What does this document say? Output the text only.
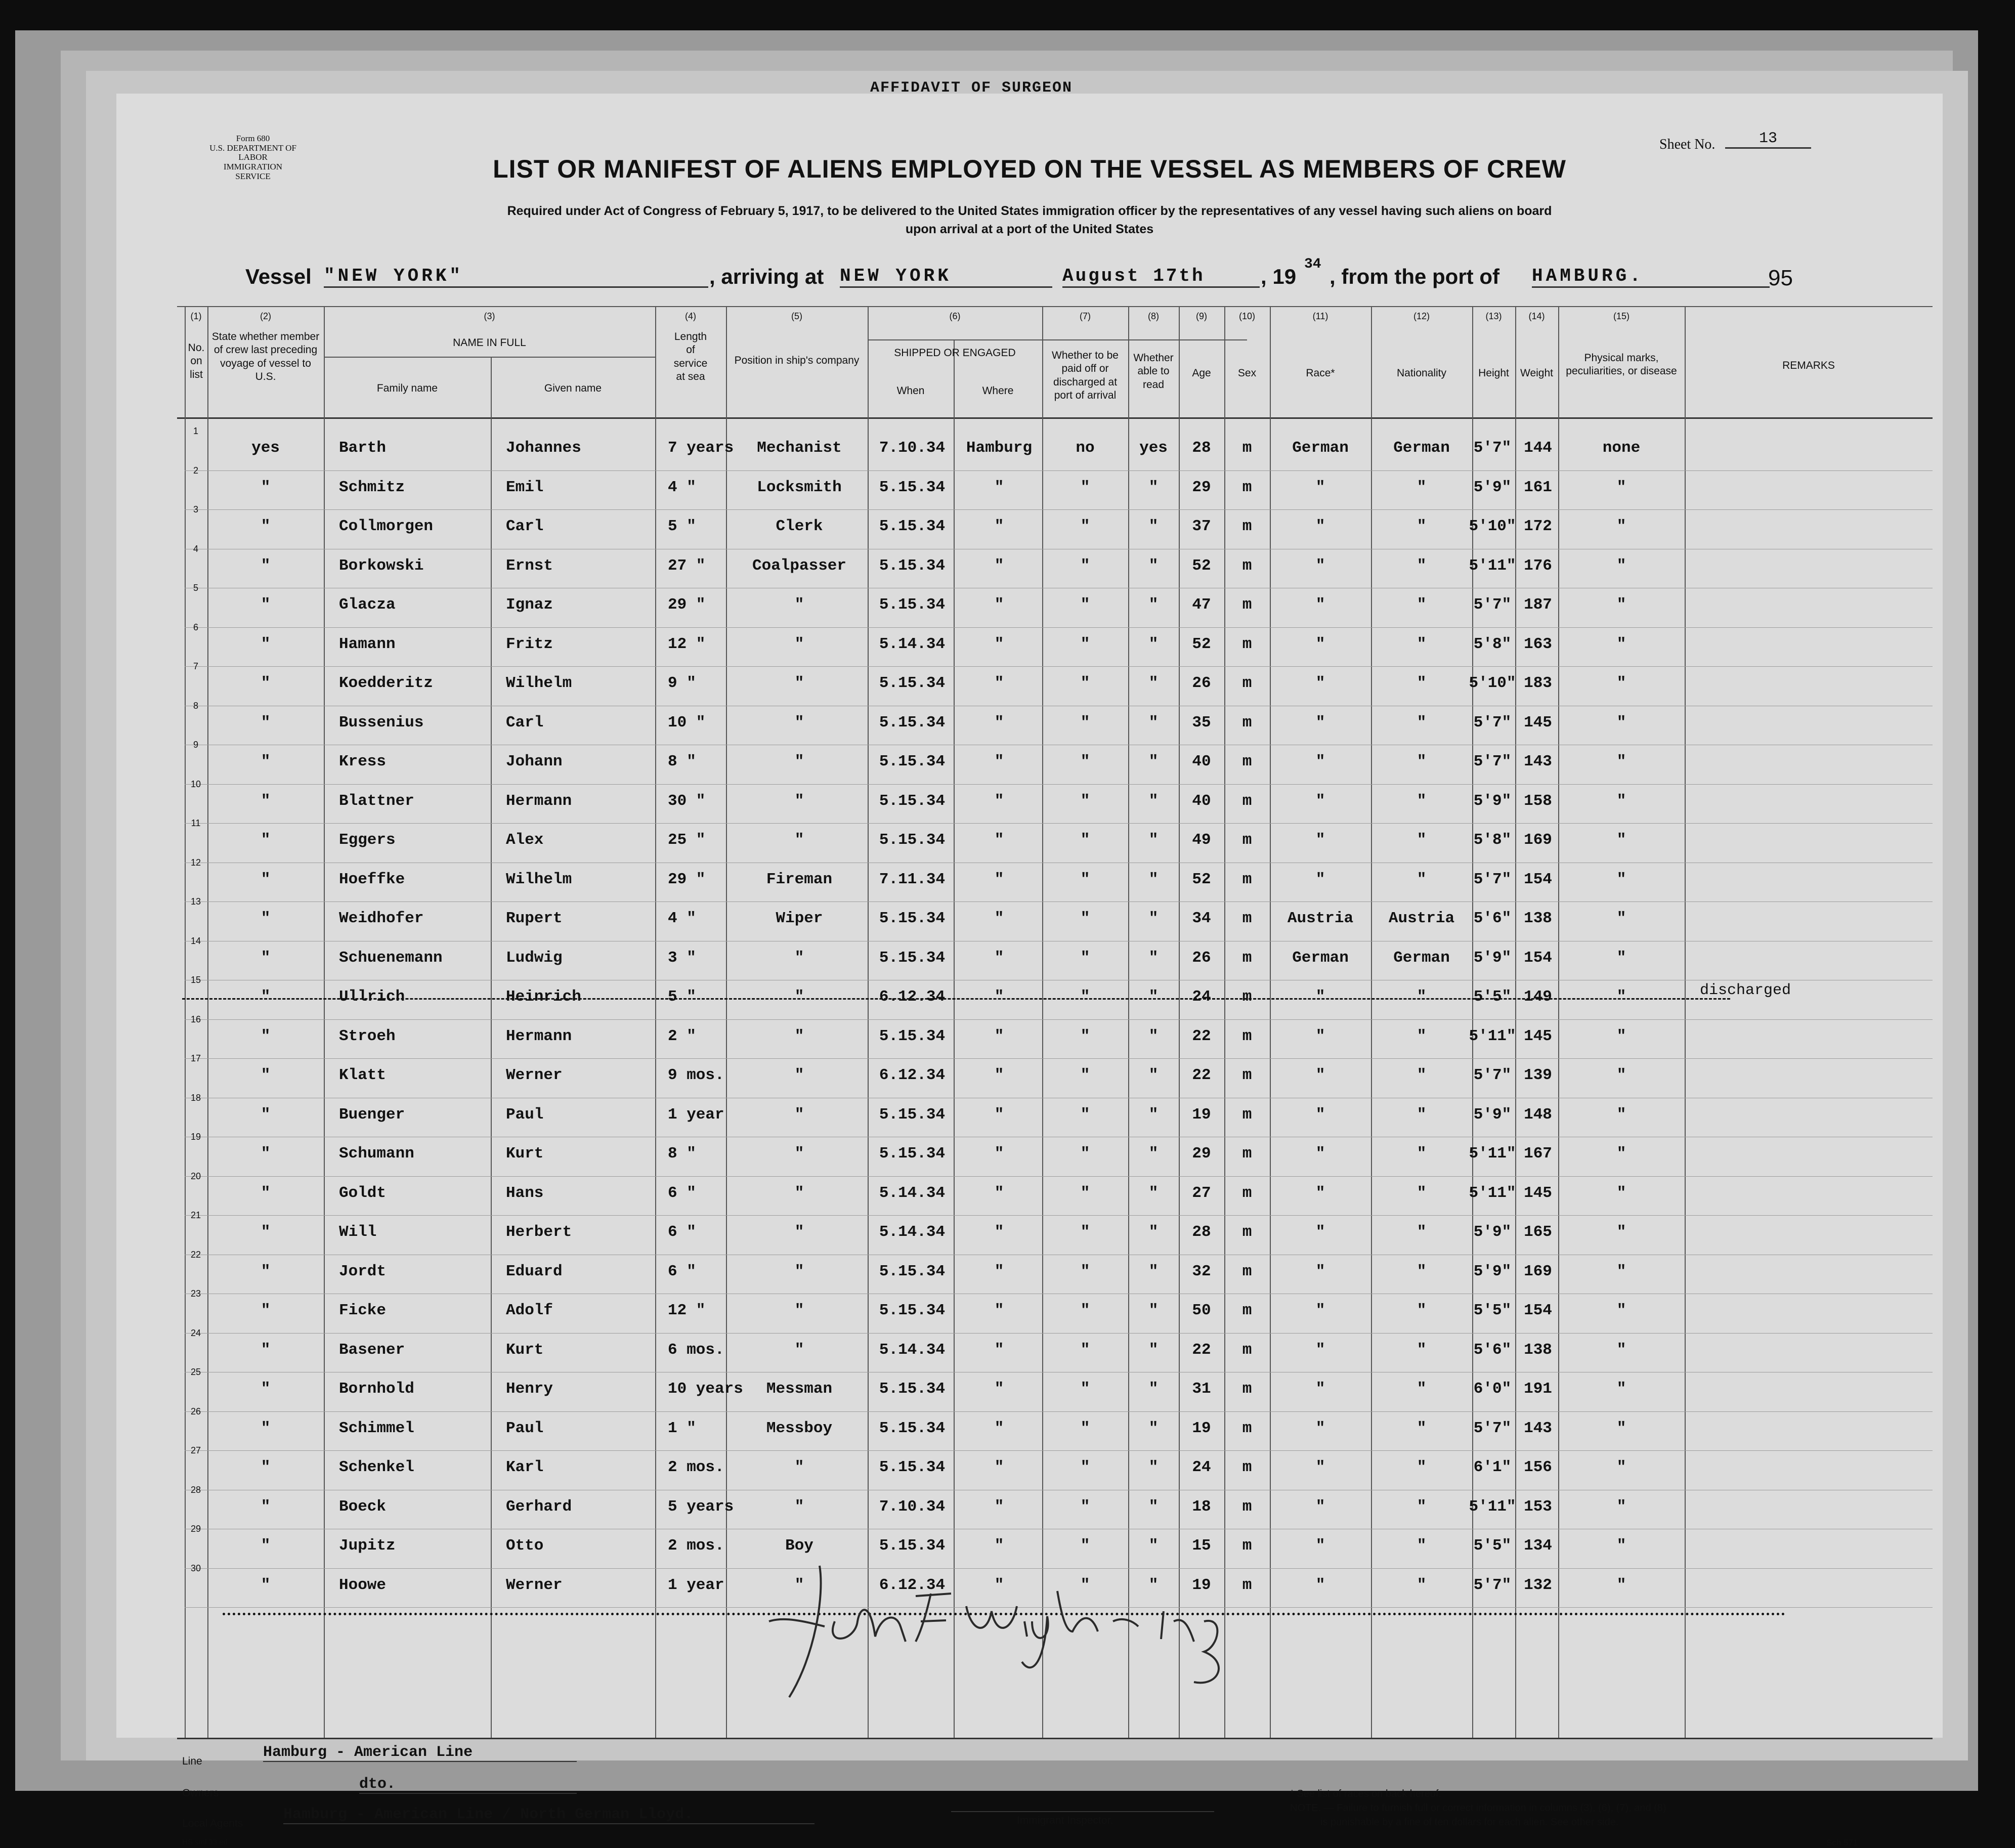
AFFIDAVIT OF SURGEON
Form 680
U.S. DEPARTMENT OF LABOR
IMMIGRATION SERVICE
Sheet No.	13
LIST OR MANIFEST OF ALIENS EMPLOYED ON THE VESSEL AS MEMBERS OF CREW
Required under Act of Congress of February 5, 1917, to be delivered to the United States immigration officer by the representatives of any vessel having such aliens on board
upon arrival at a port of the United States
Vessel "NEW YORK"	, arriving at NEW YORK	August 17th	, 19
34
, from the port of HAMBURG.	95
(1)	(2)	(3)	(4)	(5)	(6)	(7)	(8)	(9)	(10)	(11)	(12)	(13)	(14)	(15)
No. on list
State whether member of crew last preceding voyage of vessel to U.S.
NAME IN FULL
Family name	Given name
Length of service at sea
Position in ship's company
SHIPPED OR ENGAGED
When	Where
Whether to be paid off or discharged at port of arrival
Whether able to read
Age	Sex	Race*	Nationality	Height	Weight
Physical marks, peculiarities, or disease	REMARKS
1
yes	Barth	Johannes	7 years	Mechanist	7.10.34	Hamburg	no	yes	28	m	German	German	5'7" 144	none
2
"	Schmitz	Emil	4 "	Locksmith	5.15.34	"	"	"	29	m	"	"	5'9" 161	"
3
"	Collmorgen	Carl	5 "	Clerk	5.15.34	"	"	"	37	m	"	"	5'10" 172	"
4
"	Borkowski	Ernst	27 "	Coalpasser	5.15.34	"	"	"	52	m	"	"	5'11" 176	"
5
"	Glacza	Ignaz	29 "	"	5.15.34	"	"	"	47	m	"	"	5'7" 187	"
6
"	Hamann	Fritz	12 "	"	5.14.34	"	"	"	52	m	"	"	5'8" 163	"
7
"	Koedderitz	Wilhelm	9 "	"	5.15.34	"	"	"	26	m	"	"	5'10" 183	"
8
"	Bussenius	Carl	10 "	"	5.15.34	"	"	"	35	m	"	"	5'7" 145	"
9
"	Kress	Johann	8 "	"	5.15.34	"	"	"	40	m	"	"	5'7" 143	"
10
"	Blattner	Hermann	30 "	"	5.15.34	"	"	"	40	m	"	"	5'9" 158	"
11
"	Eggers	Alex	25 "	"	5.15.34	"	"	"	49	m	"	"	5'8" 169	"
12
"	Hoeffke	Wilhelm	29 "	Fireman	7.11.34	"	"	"	52	m	"	"	5'7" 154	"
13
"	Weidhofer	Rupert	4 "	Wiper	5.15.34	"	"	"	34	m	Austria	Austria	5'6" 138	"
14
"	Schuenemann	Ludwig	3 "	"	5.15.34	"	"	"	26	m	German	German	5'9" 154	"
15
"	Ullrich	Heinrich	5 "	"	6.12.34	"	"	"	24	m	"	"	5'5" 149	"	discharged
16
"	Stroeh	Hermann	2 "	"	5.15.34	"	"	"	22	m	"	"	5'11" 145	"
17
"	Klatt	Werner	9 mos.	"	6.12.34	"	"	"	22	m	"	"	5'7" 139	"
18
"	Buenger	Paul	1 year	"	5.15.34	"	"	"	19	m	"	"	5'9" 148	"
19
"	Schumann	Kurt	8 "	"	5.15.34	"	"	"	29	m	"	"	5'11" 167	"
20
"	Goldt	Hans	6 "	"	5.14.34	"	"	"	27	m	"	"	5'11" 145	"
21
"	Will	Herbert	6 "	"	5.14.34	"	"	"	28	m	"	"	5'9" 165	"
22
"	Jordt	Eduard	6 "	"	5.15.34	"	"	"	32	m	"	"	5'9" 169	"
23
"	Ficke	Adolf	12 "	"	5.15.34	"	"	"	50	m	"	"	5'5" 154	"
24
"	Basener	Kurt	6 mos.	"	5.14.34	"	"	"	22	m	"	"	5'6" 138	"
25
"	Bornhold	Henry	10 years	Messman	5.15.34	"	"	"	31	m	"	"	6'0" 191	"
26
"	Schimmel	Paul	1 "	Messboy	5.15.34	"	"	"	19	m	"	"	5'7" 143	"
27
"	Schenkel	Karl	2 mos.	"	5.15.34	"	"	"	24	m	"	"	6'1" 156	"
28
"	Boeck	Gerhard	5 years	"	7.10.34	"	"	"	18	m	"	"	5'11" 153	"
29
"	Jupitz	Otto	2 mos.	Boy	5.15.34	"	"	"	15	m	"	"	5'5" 134	"
30
"	Hoowe	Werner	1 year	"	6.12.34	"	"	"	19	m	"	"	5'7" 132	"
Line
Hamburg - American Line
Owners
dto.
Local Agents
Hamburg - American Line / North German Lloyd.	Immigrant Inspector.
* See list of races on back hereof.
NOTE. — Failure to furnish full or correct information in columns (3), (6), (7), and (8)
is punishable by a fine of ten dollars for each alien. See other side.
HS sml 33 ed	Sch 571
